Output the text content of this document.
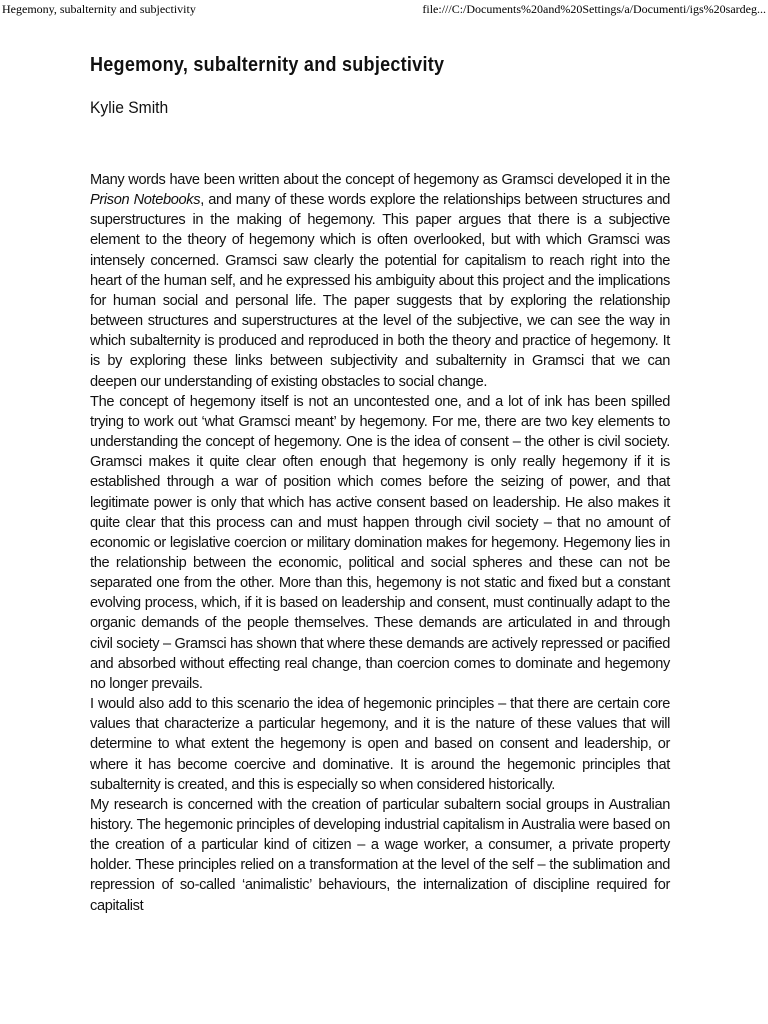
Hegemony, subalternity and subjectivity	file:///C:/Documents%20and%20Settings/a/Documenti/igs%20sardeg...
Hegemony, subalternity and subjectivity
Kylie Smith

Many words have been written about the concept of hegemony as Gramsci developed it in the Prison Notebooks, and many of these words explore the relationships between structures and superstructures in the making of hegemony. This paper argues that there is a subjective element to the theory of hegemony which is often overlooked, but with which Gramsci was intensely concerned. Gramsci saw clearly the potential for capitalism to reach right into the heart of the human self, and he expressed his ambiguity about this project and the implications for human social and personal life. The paper suggests that by exploring the relationship between structures and superstructures at the level of the subjective, we can see the way in which subalternity is produced and reproduced in both the theory and practice of hegemony. It is by exploring these links between subjectivity and subalternity in Gramsci that we can deepen our understanding of existing obstacles to social change.

The concept of hegemony itself is not an uncontested one, and a lot of ink has been spilled trying to work out ‘what Gramsci meant’ by hegemony. For me, there are two key elements to understanding the concept of hegemony. One is the idea of consent – the other is civil society. Gramsci makes it quite clear often enough that hegemony is only really hegemony if it is established through a war of position which comes before the seizing of power, and that legitimate power is only that which has active consent based on leadership. He also makes it quite clear that this process can and must happen through civil society – that no amount of economic or legislative coercion or military domination makes for hegemony. Hegemony lies in the relationship between the economic, political and social spheres and these can not be separated one from the other. More than this, hegemony is not static and fixed but a constant evolving process, which, if it is based on leadership and consent, must continually adapt to the organic demands of the people themselves. These demands are articulated in and through civil society – Gramsci has shown that where these demands are actively repressed or pacified and absorbed without effecting real change, than coercion comes to dominate and hegemony no longer prevails.

I would also add to this scenario the idea of hegemonic principles – that there are certain core values that characterize a particular hegemony, and it is the nature of these values that will determine to what extent the hegemony is open and based on consent and leadership, or where it has become coercive and dominative. It is around the hegemonic principles that subalternity is created, and this is especially so when considered historically.

My research is concerned with the creation of particular subaltern social groups in Australian history. The hegemonic principles of developing industrial capitalism in Australia were based on the creation of a particular kind of citizen – a wage worker, a consumer, a private property holder. These principles relied on a transformation at the level of the self – the sublimation and repression of so-called ‘animalistic’ behaviours, the internalization of discipline required for capitalist
